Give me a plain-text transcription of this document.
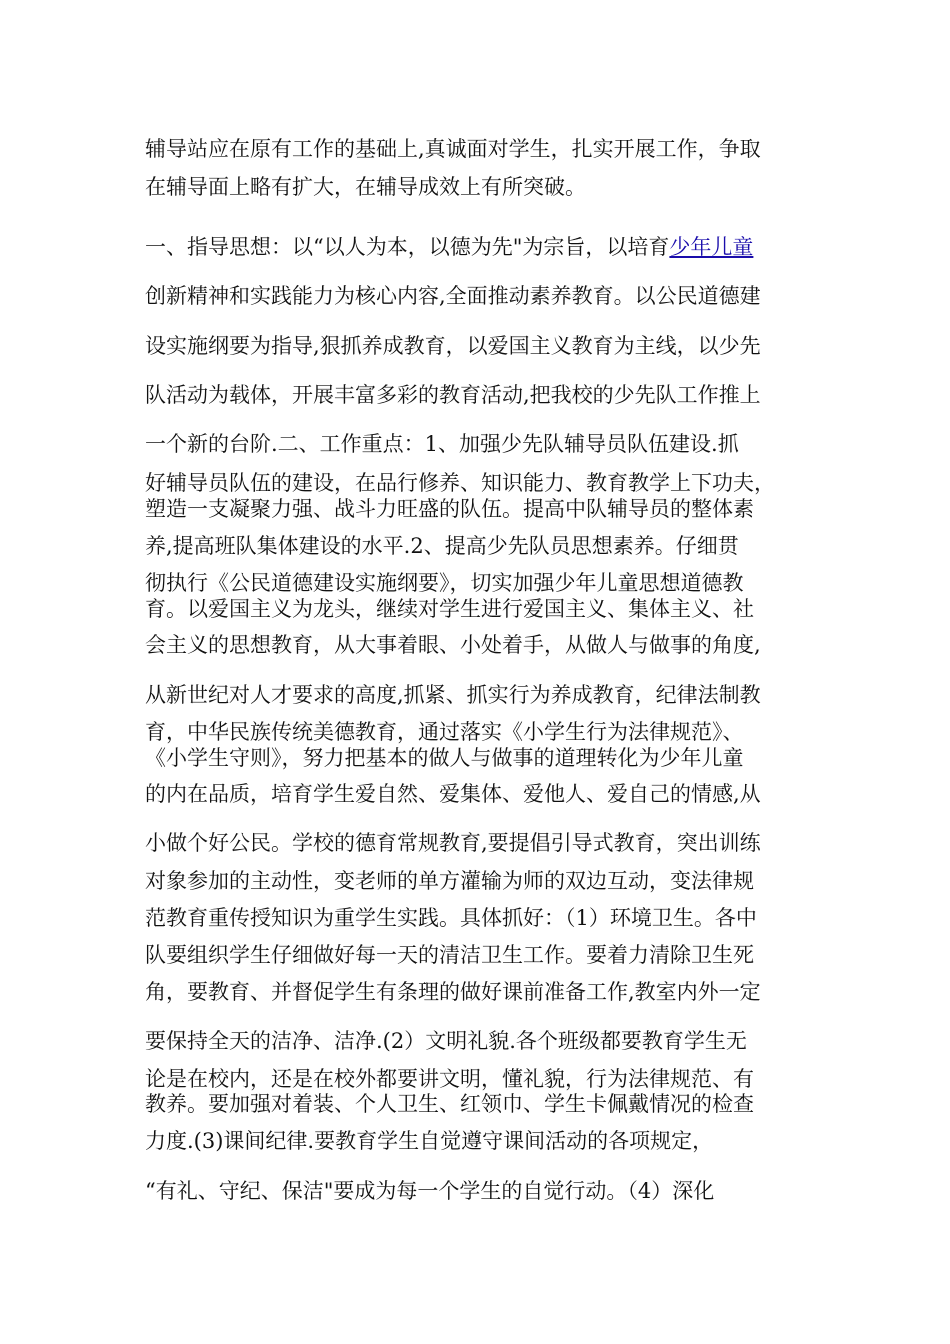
辅导站应在原有工作的基础上,真诚面对学生，扎实开展工作，争取
在辅导面上略有扩大，在辅导成效上有所突破。
一、指导思想：以“以人为本，以德为先"为宗旨，以培育少年儿童
创新精神和实践能力为核心内容,全面推动素养教育。以公民道德建
设实施纲要为指导,狠抓养成教育，以爱国主义教育为主线，以少先
队活动为载体，开展丰富多彩的教育活动,把我校的少先队工作推上
一个新的台阶.二、工作重点：1、加强少先队辅导员队伍建设.抓
好辅导员队伍的建设，在品行修养、知识能力、教育教学上下功夫，
塑造一支凝聚力强、战斗力旺盛的队伍。提高中队辅导员的整体素
养,提高班队集体建设的水平.2、提高少先队员思想素养。仔细贯
彻执行《公民道德建设实施纲要》，切实加强少年儿童思想道德教
育。以爱国主义为龙头，继续对学生进行爱国主义、集体主义、社
会主义的思想教育，从大事着眼、小处着手，从做人与做事的角度,
从新世纪对人才要求的高度,抓紧、抓实行为养成教育，纪律法制教
育，中华民族传统美德教育，通过落实《小学生行为法律规范》、
《小学生守则》，努力把基本的做人与做事的道理转化为少年儿童
的内在品质，培育学生爱自然、爱集体、爱他人、爱自己的情感,从
小做个好公民。学校的德育常规教育,要提倡引导式教育，突出训练
对象参加的主动性，变老师的单方灌输为师的双边互动，变法律规
范教育重传授知识为重学生实践。具体抓好：（1）环境卫生。各中
队要组织学生仔细做好每一天的清洁卫生工作。要着力清除卫生死
角，要教育、并督促学生有条理的做好课前准备工作,教室内外一定
要保持全天的洁净、洁净.(2）文明礼貌.各个班级都要教育学生无
论是在校内，还是在校外都要讲文明，懂礼貌，行为法律规范、有
教养。要加强对着装、个人卫生、红领巾、学生卡佩戴情况的检查
力度.(3)课间纪律.要教育学生自觉遵守课间活动的各项规定，
“有礼、守纪、保洁"要成为每一个学生的自觉行动。（4）深化
